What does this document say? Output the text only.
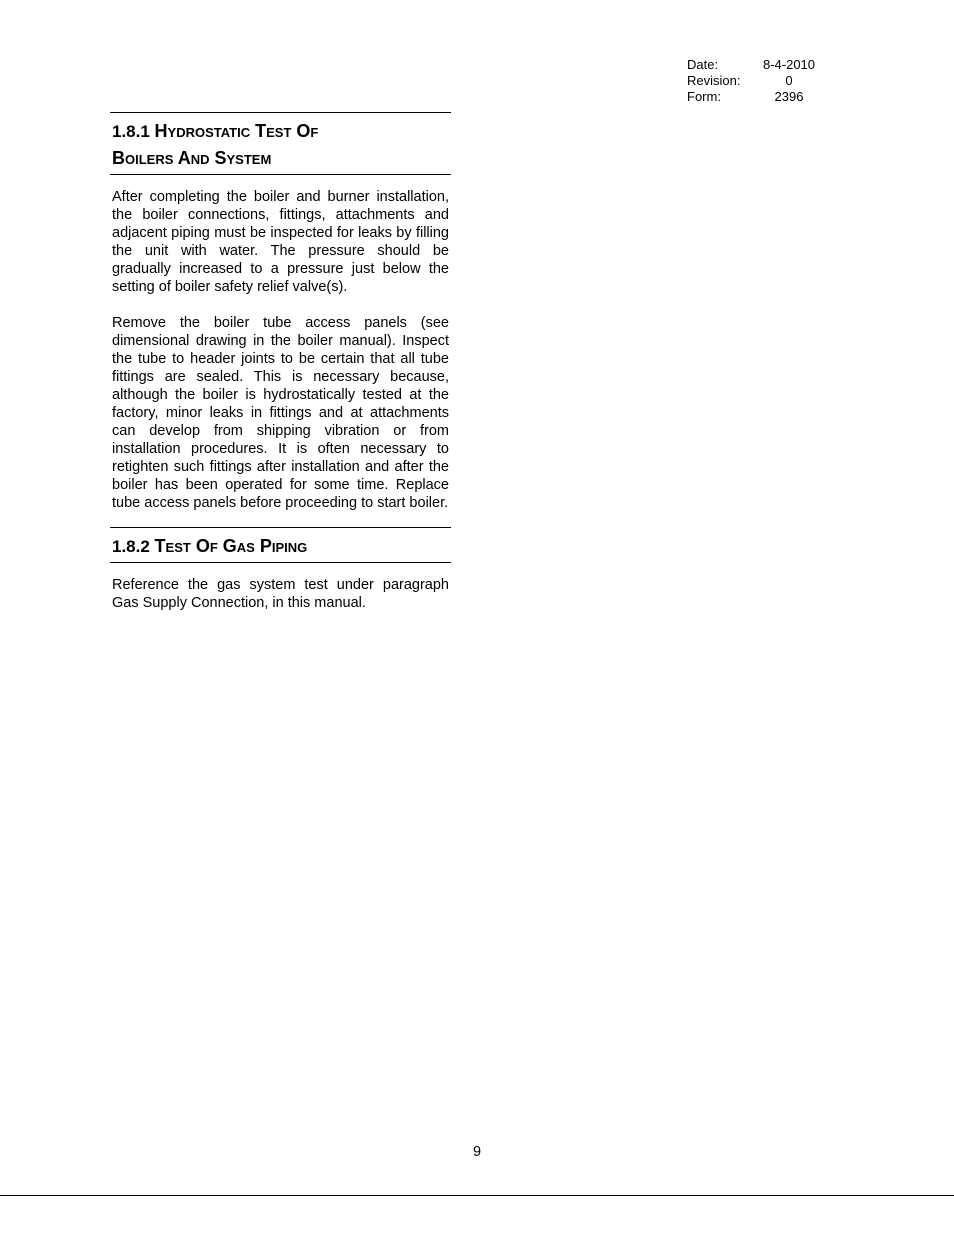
Date:	8-4-2010
Revision:	0
Form:	2396
1.8.1 Hydrostatic Test Of
Boilers And System

After completing the boiler and burner installation, the boiler connections, fittings, attachments and adjacent piping must be inspected for leaks by filling the unit with water. The pressure should be gradually increased to a pressure just below the setting of boiler safety relief valve(s).

Remove the boiler tube access panels (see dimensional drawing in the boiler manual). Inspect the tube to header joints to be certain that all tube fittings are sealed. This is necessary because, although the boiler is hydrostatically tested at the factory, minor leaks in fittings and at attachments can develop from shipping vibration or from installation procedures. It is often necessary to retighten such fittings after installation and after the boiler has been operated for some time. Replace tube access panels before proceeding to start boiler.

1.8.2 Test Of Gas Piping

Reference the gas system test under paragraph Gas Supply Connection, in this manual.

9
